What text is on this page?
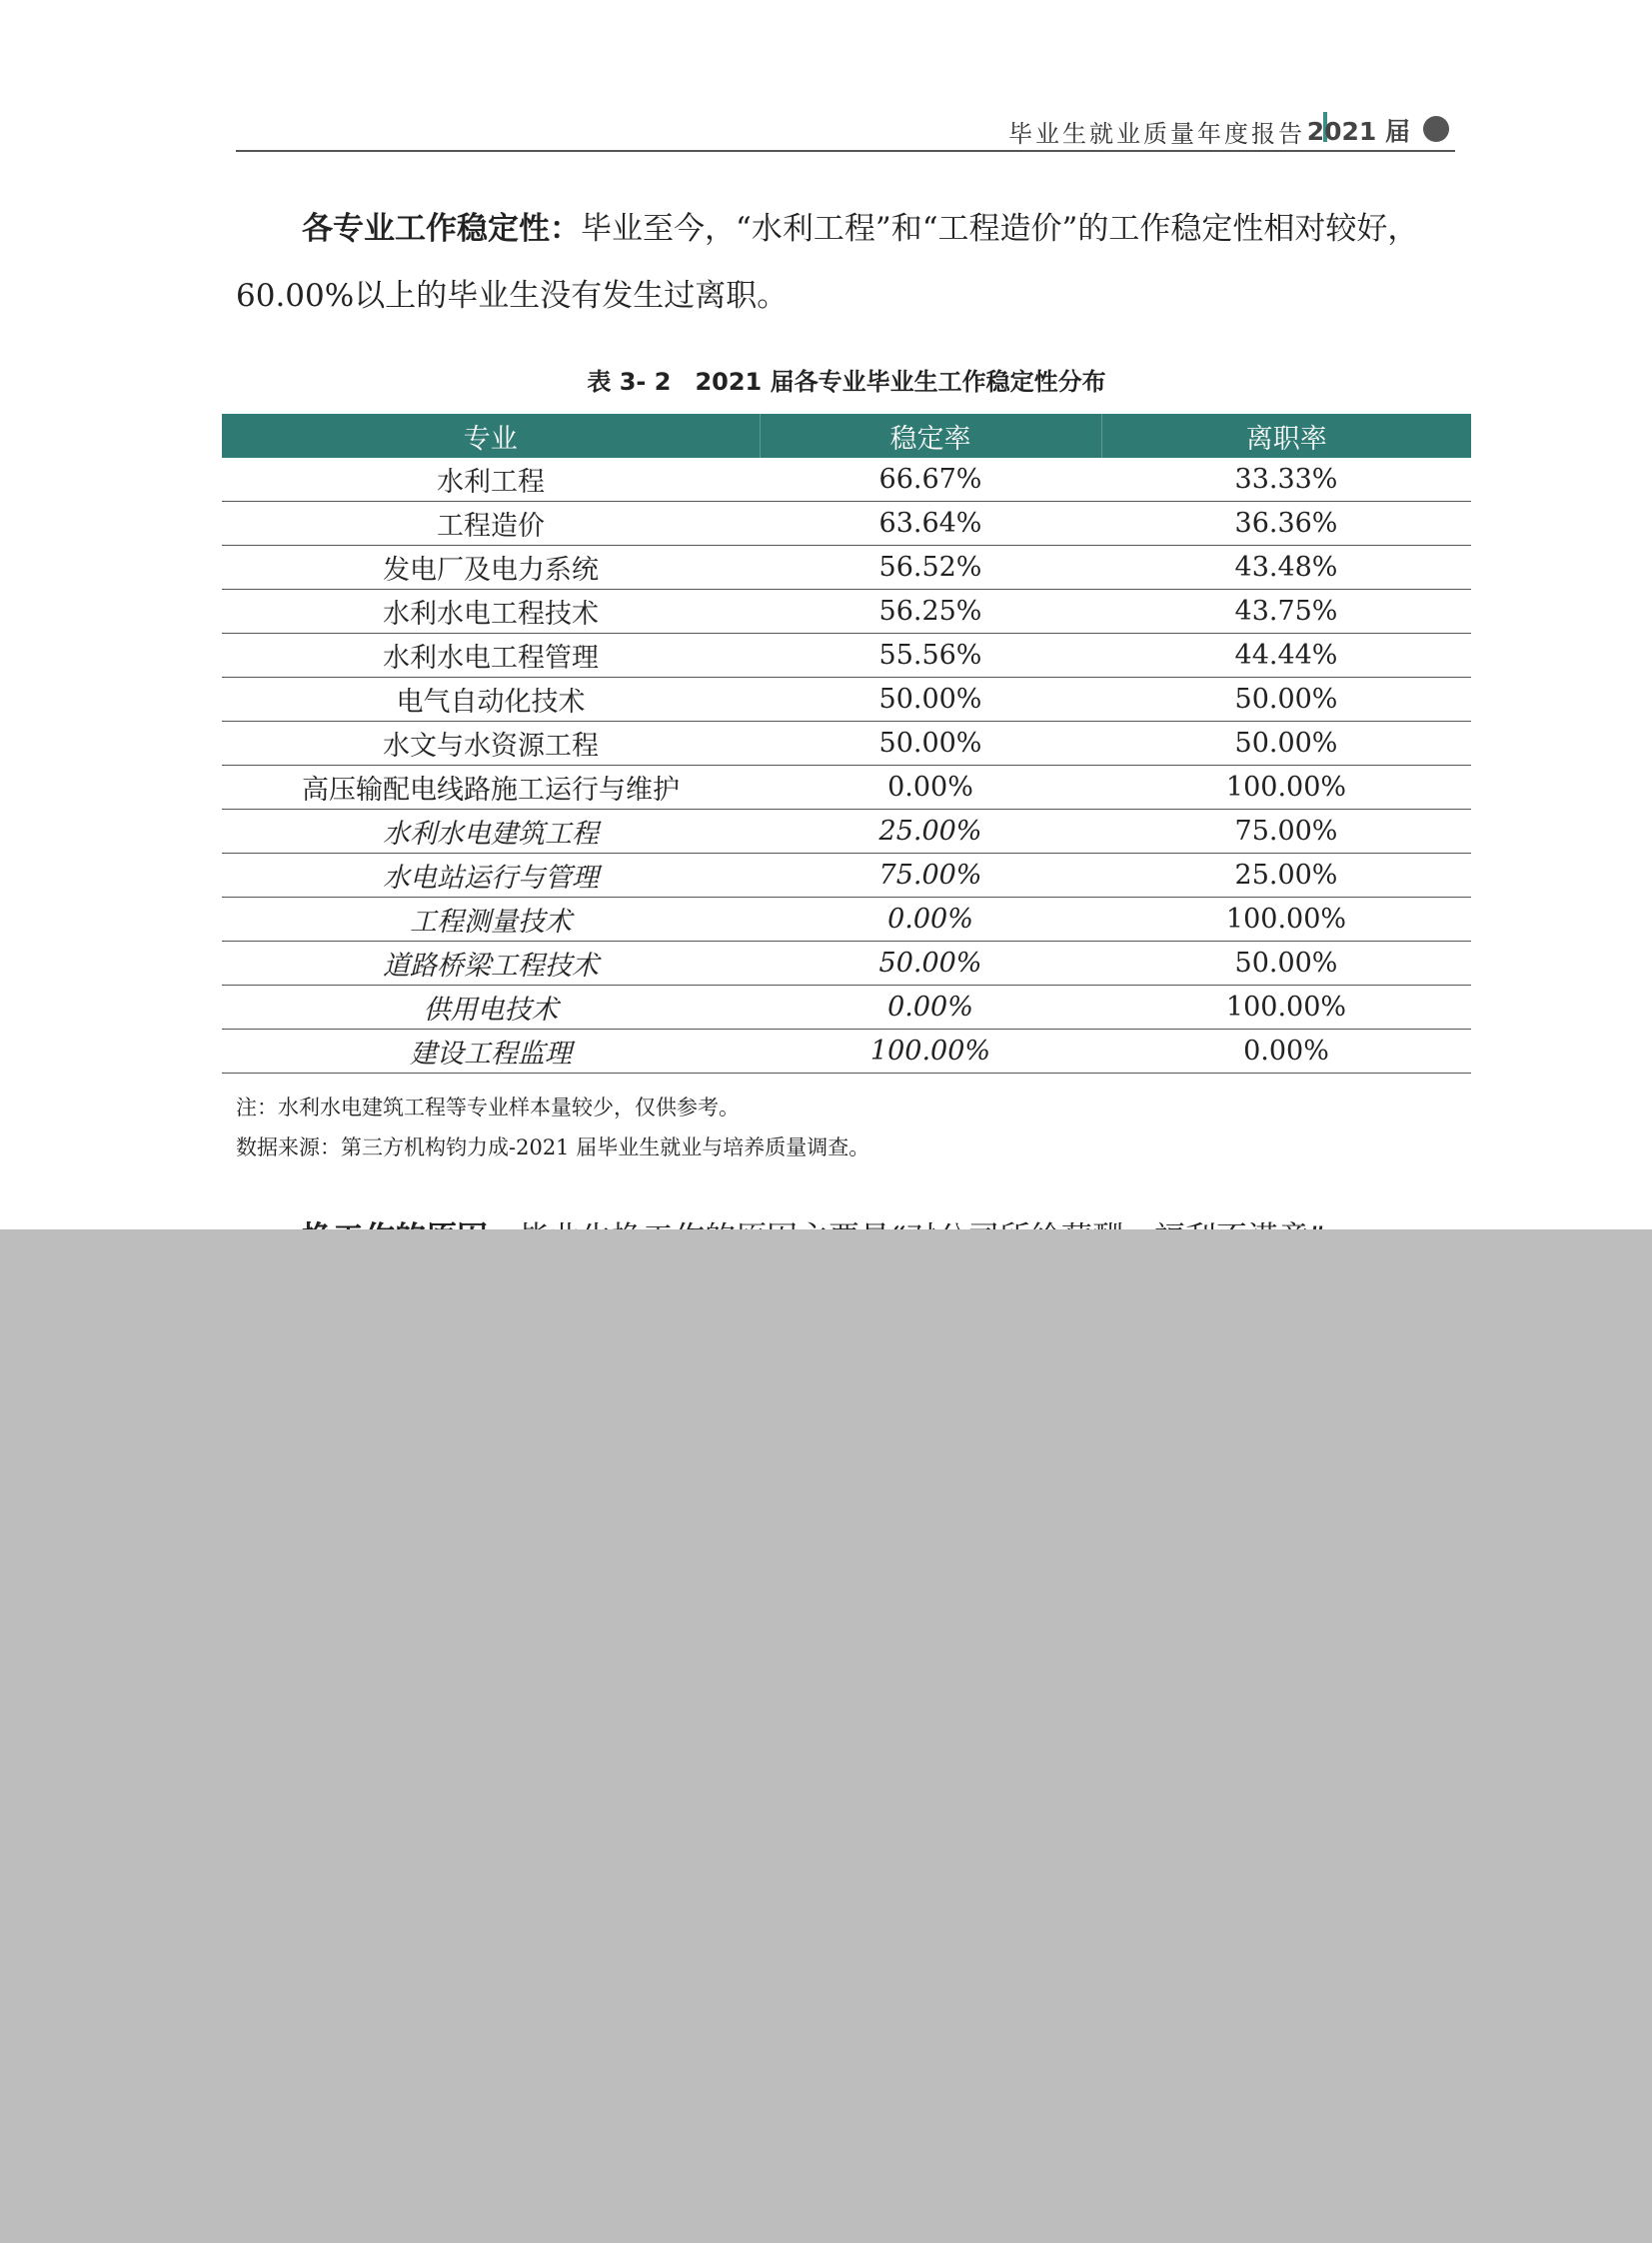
毕业生就业质量年度报告 2021 届
各专业工作稳定性：毕业至今，“水利工程”和“工程造价”的工作稳定性相对较好，60.00%以上的毕业生没有发生过离职。
表 3- 2　2021 届各专业毕业生工作稳定性分布
专业	稳定率	离职率
水利工程	66.67%	33.33%
工程造价	63.64%	36.36%
发电厂及电力系统	56.52%	43.48%
水利水电工程技术	56.25%	43.75%
水利水电工程管理	55.56%	44.44%
电气自动化技术	50.00%	50.00%
水文与水资源工程	50.00%	50.00%
高压输配电线路施工运行与维护	0.00%	100.00%
水利水电建筑工程	25.00%	75.00%
水电站运行与管理	75.00%	25.00%
工程测量技术	0.00%	100.00%
道路桥梁工程技术	50.00%	50.00%
供用电技术	0.00%	100.00%
建设工程监理	100.00%	0.00%
注：水利水电建筑工程等专业样本量较少，仅供参考。
数据来源：第三方机构钧力成-2021 届毕业生就业与培养质量调查。
